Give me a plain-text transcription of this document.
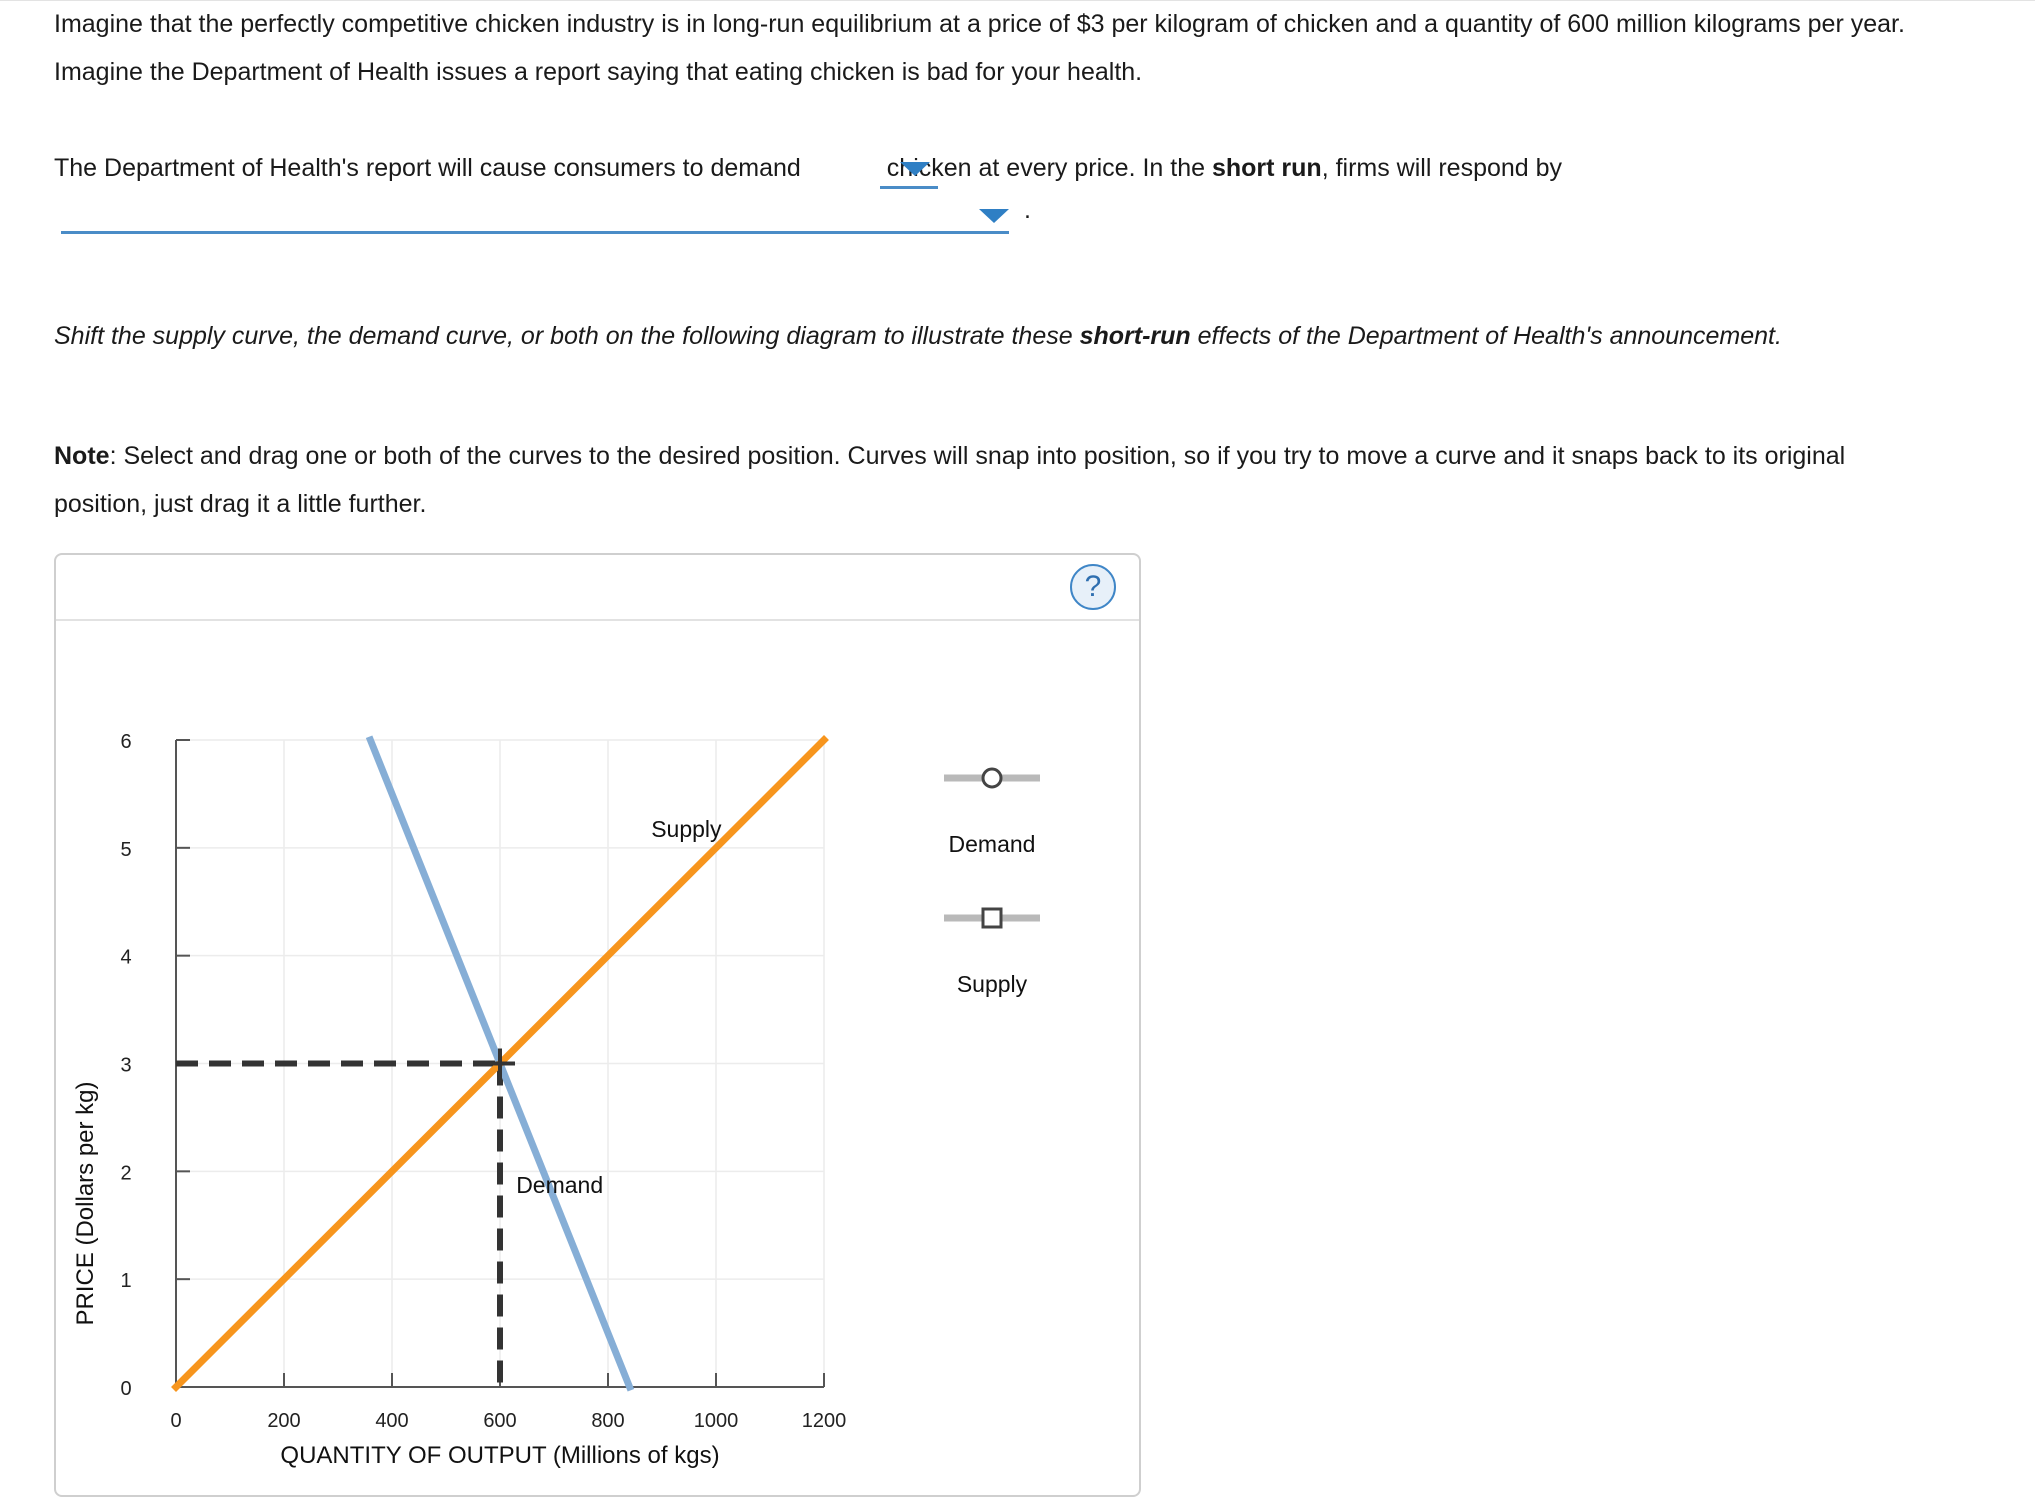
Imagine that the perfectly competitive chicken industry is in long-run equilibrium at a price of $3 per kilogram of chicken and a quantity of 600 million kilograms per year. Imagine the Department of Health issues a report saying that eating chicken is bad for your health.

The Department of Health's report will cause consumers to demand	chicken at every price. In the short run, firms will respond by

.

Shift the supply curve, the demand curve, or both on the following diagram to illustrate these short-run effects of the Department of Health's announcement.

Note: Select and drag one or both of the curves to the desired position. Curves will snap into position, so if you try to move a curve and it snaps back to its original position, just drag it a little further.

?
0
1
2
3
4
5
6
0	200	400	600	800	1000	1200
QUANTITY OF OUTPUT (Millions of kgs)
PRICE (Dollars per kg)
Supply
Demand
Demand
Supply
